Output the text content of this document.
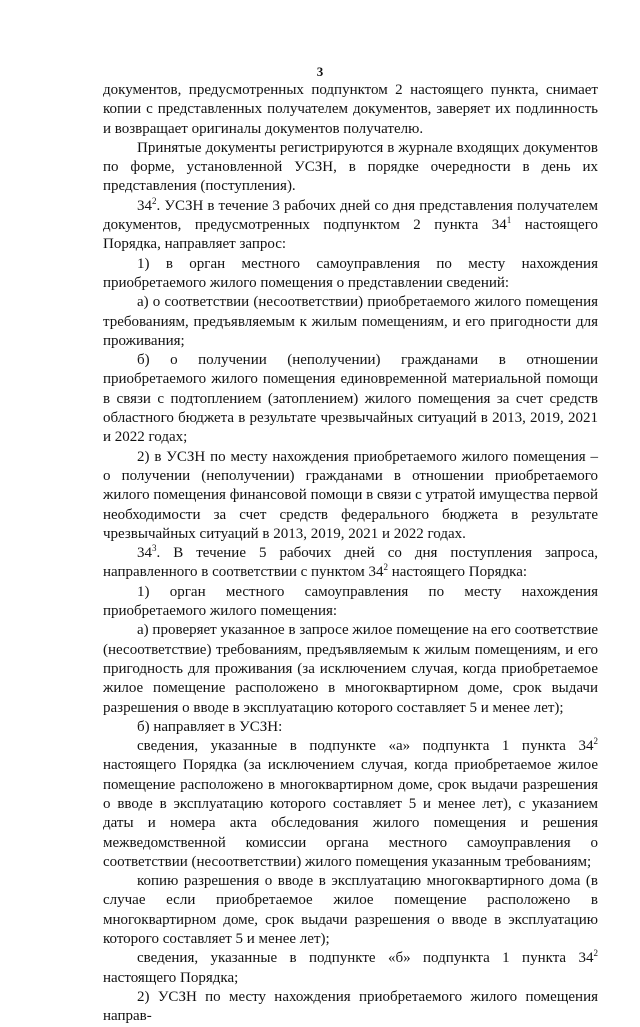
3

документов, предусмотренных подпунктом 2 настоящего пункта, снимает копии с представленных получателем документов, заверяет их подлинность и возвращает оригиналы документов получателю.

Принятые документы регистрируются в журнале входящих документов по форме, установленной УСЗН, в порядке очередности в день их представления (поступления).

$34^2$. УСЗН в течение 3 рабочих дней со дня представления получателем документов, предусмотренных подпунктом 2 пункта $34^1$ настоящего Порядка, направляет запрос:

1) в орган местного самоуправления по месту нахождения приобретаемого жилого помещения о представлении сведений:

а) о соответствии (несоответствии) приобретаемого жилого помещения требованиям, предъявляемым к жилым помещениям, и его пригодности для проживания;

б) о получении (неполучении) гражданами в отношении приобретаемого жилого помещения единовременной материальной помощи в связи с подтоплением (затоплением) жилого помещения за счет средств областного бюджета в результате чрезвычайных ситуаций в 2013, 2019, 2021 и 2022 годах;

2) в УСЗН по месту нахождения приобретаемого жилого помещения – о получении (неполучении) гражданами в отношении приобретаемого жилого помещения финансовой помощи в связи с утратой имущества первой необходимости за счет средств федерального бюджета в результате чрезвычайных ситуаций в 2013, 2019, 2021 и 2022 годах.

$34^3$. В течение 5 рабочих дней со дня поступления запроса, направленного в соответствии с пунктом $34^2$ настоящего Порядка:

1) орган местного самоуправления по месту нахождения приобретаемого жилого помещения:

а) проверяет указанное в запросе жилое помещение на его соответствие (несоответствие) требованиям, предъявляемым к жилым помещениям, и его пригодность для проживания (за исключением случая, когда приобретаемое жилое помещение расположено в многоквартирном доме, срок выдачи разрешения о вводе в эксплуатацию которого составляет 5 и менее лет);

б) направляет в УСЗН:

сведения, указанные в подпункте «а» подпункта 1 пункта $34^2$ настоящего Порядка (за исключением случая, когда приобретаемое жилое помещение расположено в многоквартирном доме, срок выдачи разрешения о вводе в эксплуатацию которого составляет 5 и менее лет), с указанием даты и номера акта обследования жилого помещения и решения межведомственной комиссии органа местного самоуправления о соответствии (несоответствии) жилого помещения указанным требованиям;

копию разрешения о вводе в эксплуатацию многоквартирного дома (в случае если приобретаемое жилое помещение расположено в многоквартирном доме, срок выдачи разрешения о вводе в эксплуатацию которого составляет 5 и менее лет);

сведения, указанные в подпункте «б» подпункта 1 пункта $34^2$ настоящего Порядка;

2) УСЗН по месту нахождения приобретаемого жилого помещения направ-
